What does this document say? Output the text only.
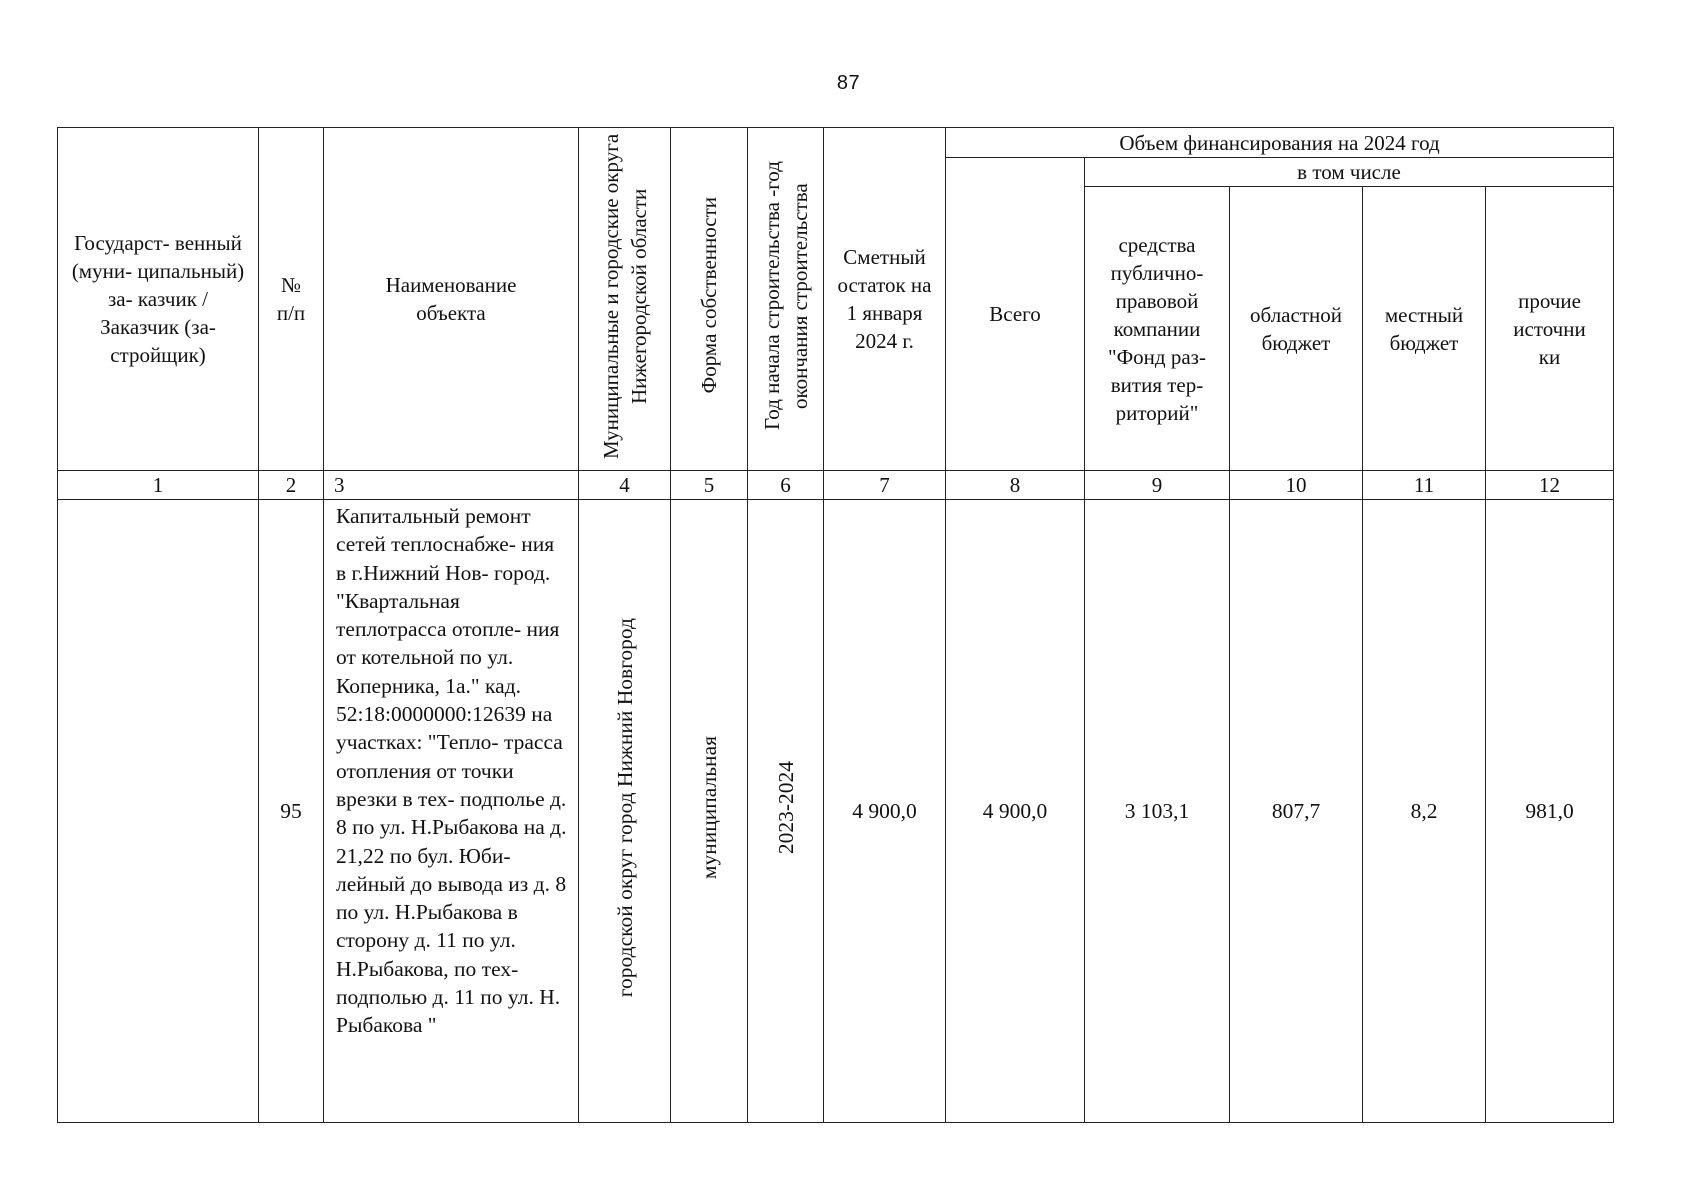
87
Государст- венный (муни- ципальный) за- казчик / Заказчик (за- стройщик)	№ п/п	Наименование объекта	Муниципальные и городские округа Нижегородской области	Форма собственности	Год начала строительства -год окончания строительства	Сметный остаток на 1 января 2024 г.	Объем финансирования на 2024 год				

							Всего	в том числе			

								средства публично- правовой компании "Фонд раз- вития тер- риторий"	областной бюджет	местный бюджет	прочие источни ки

1	2	3	4	5	6	7	8	9	10	11	12
	95	Капитальный ремонт сетей теплоснабже- ния в г.Нижний Нов- город. "Квартальная теплотрасса отопле- ния от котельной по ул. Коперника, 1а." кад. 52:18:0000000:12639 на участках: "Тепло- трасса отопления от точки врезки в тех- подполье д. 8 по ул. Н.Рыбакова на д. 21,22 по бул. Юби- лейный до вывода из д. 8 по ул. Н.Рыбакова в сторону д. 11 по ул. Н.Рыбакова, по тех- подполью д. 11 по ул. Н. Рыбакова "	городской округ город Нижний Новгород	муниципальная	2023-2024	4 900,0	4 900,0	3 103,1	807,7	8,2	981,0
